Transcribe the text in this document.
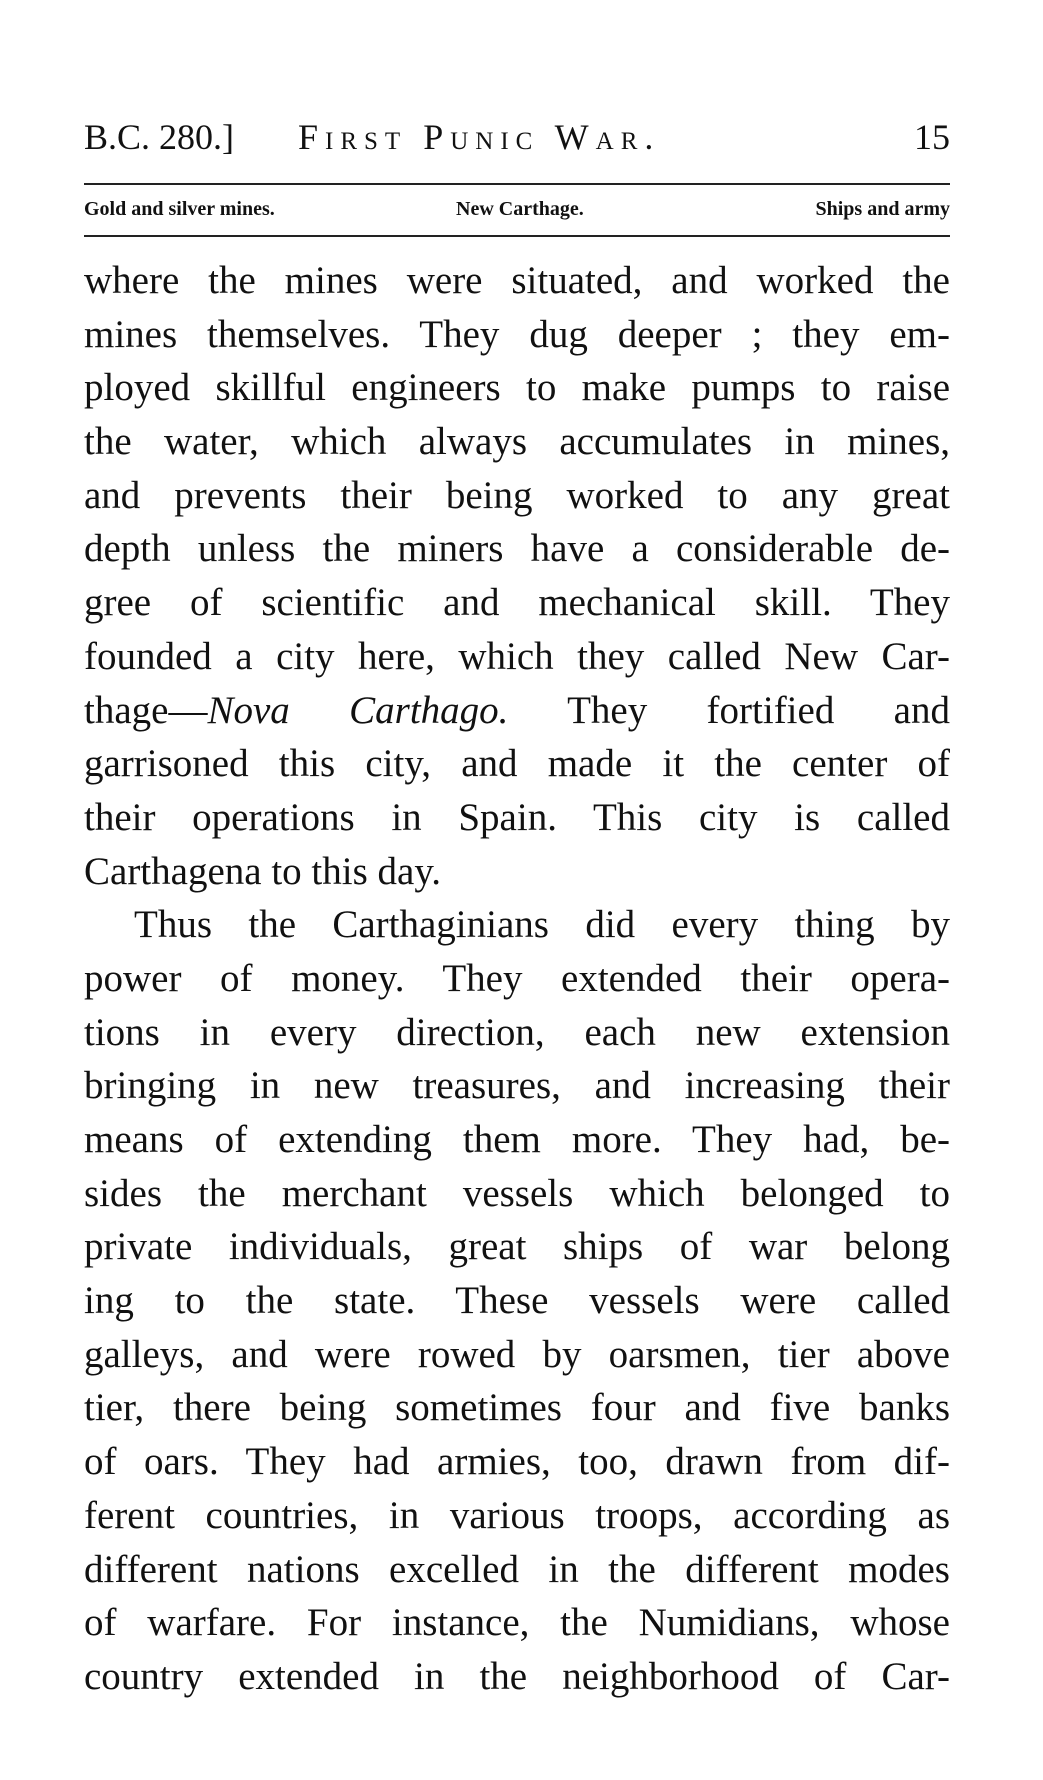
B.C. 280.] First Punic War.	15
Gold and silver mines.	New Carthage.	Ships and army
where the mines were situated, and worked the
mines themselves. They dug deeper ; they em-
ployed skillful engineers to make pumps to raise
the water, which always accumulates in mines,
and prevents their being worked to any great
depth unless the miners have a considerable de-
gree of scientific and mechanical skill. They
founded a city here, which they called New Car-
thage—Nova Carthago. They fortified and
garrisoned this city, and made it the center of
their operations in Spain. This city is called
Carthagena to this day.
Thus the Carthaginians did every thing by
power of money. They extended their opera-
tions in every direction, each new extension
bringing in new treasures, and increasing their
means of extending them more. They had, be-
sides the merchant vessels which belonged to
private individuals, great ships of war belong
ing to the state. These vessels were called
galleys, and were rowed by oarsmen, tier above
tier, there being sometimes four and five banks
of oars. They had armies, too, drawn from dif-
ferent countries, in various troops, according as
different nations excelled in the different modes
of warfare. For instance, the Numidians, whose
country extended in the neighborhood of Car-
